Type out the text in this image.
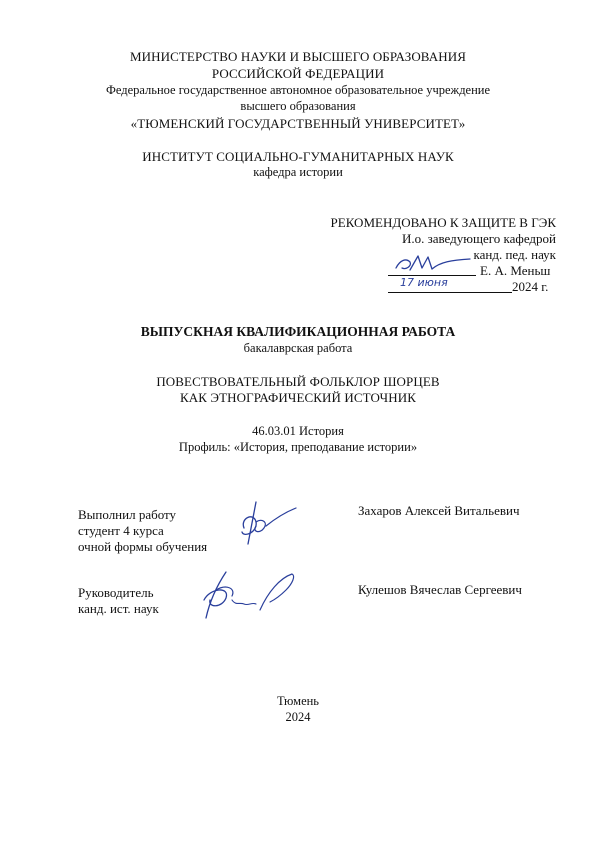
МИНИСТЕРСТВО НАУКИ И ВЫСШЕГО ОБРАЗОВАНИЯ
РОССИЙСКОЙ ФЕДЕРАЦИИ
Федеральное государственное автономное образовательное учреждение
высшего образования
«ТЮМЕНСКИЙ ГОСУДАРСТВЕННЫЙ УНИВЕРСИТЕТ»
ИНСТИТУТ СОЦИАЛЬНО-ГУМАНИТАРНЫХ НАУК
кафедра истории
РЕКОМЕНДОВАНО К ЗАЩИТЕ В ГЭК
И.о. заведующего кафедрой
канд. пед. наук
Е. А. Меньш
17 июня	2024 г.
ВЫПУСКНАЯ КВАЛИФИКАЦИОННАЯ РАБОТА
бакалаврская работа
ПОВЕСТВОВАТЕЛЬНЫЙ ФОЛЬКЛОР ШОРЦЕВ
КАК ЭТНОГРАФИЧЕСКИЙ ИСТОЧНИК
46.03.01 История
Профиль: «История, преподавание истории»
Выполнил работу
студент 4 курса
очной формы обучения
Захаров Алексей Витальевич
Руководитель
канд. ист. наук
Кулешов Вячеслав Сергеевич
Тюмень
2024
